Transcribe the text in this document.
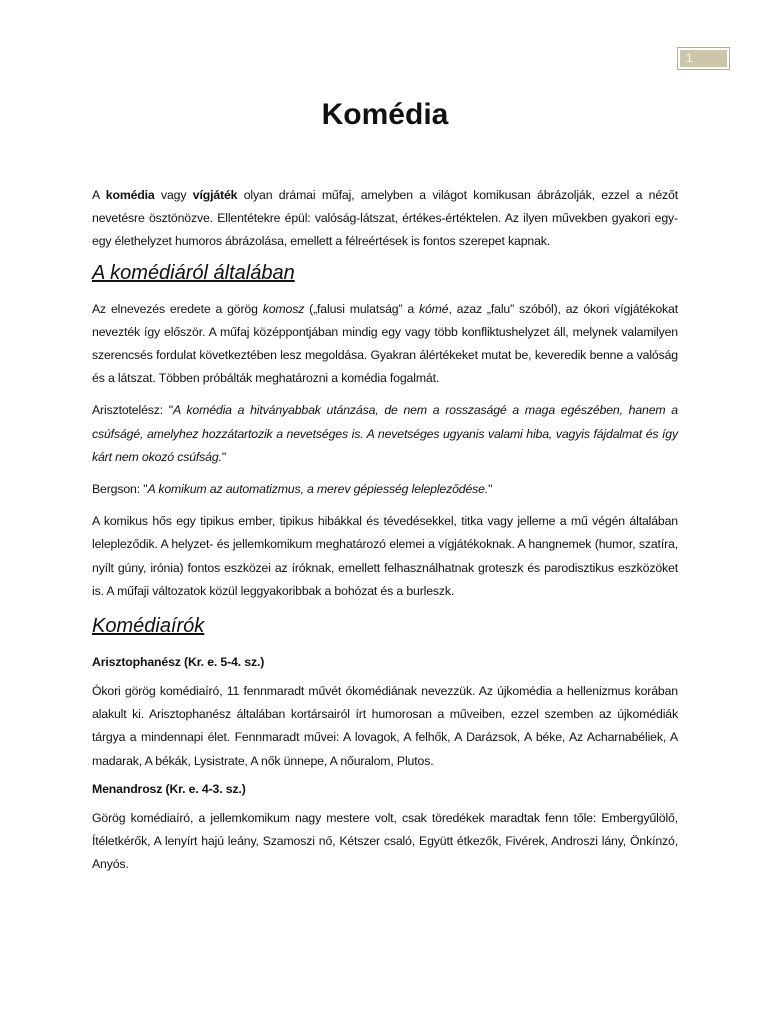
1
Komédia

A komédia vagy vígjáték olyan drámai műfaj, amelyben a világot komikusan ábrázolják, ezzel a nézőt nevetésre ösztönözve. Ellentétekre épül: valóság-látszat, értékes-értéktelen. Az ilyen művekben gyakori egy-egy élethelyzet humoros ábrázolása, emellett a félreértések is fontos szerepet kapnak.

A komédiáról általában

Az elnevezés eredete a görög komosz („falusi mulatság” a kómé, azaz „falu” szóból), az ókori vígjátékokat nevezték így először. A műfaj középpontjában mindig egy vagy több konfliktushelyzet áll, melynek valamilyen szerencsés fordulat következtében lesz megoldása. Gyakran álértékeket mutat be, keveredik benne a valóság és a látszat. Többen próbálták meghatározni a komédia fogalmát.

Arisztotelész: "A komédia a hitványabbak utánzása, de nem a rosszaságé a maga egészében, hanem a csúfságé, amelyhez hozzátartozik a nevetséges is. A nevetséges ugyanis valami hiba, vagyis fájdalmat és így kárt nem okozó csúfság."

Bergson: "A komikum az automatizmus, a merev gépiesség lelepleződése."

A komikus hős egy tipikus ember, tipikus hibákkal és tévedésekkel, titka vagy jelleme a mű végén általában lelepleződik. A helyzet- és jellemkomikum meghatározó elemei a vígjátékoknak. A hangnemek (humor, szatíra, nyílt gúny, irónia) fontos eszközei az íróknak, emellett felhasználhatnak groteszk és parodisztikus eszközöket is. A műfaji változatok közül leggyakoribbak a bohózat és a burleszk.

Komédiaírók
Arisztophanész (Kr. e. 5-4. sz.)

Ókori görög komédiaíró, 11 fennmaradt művét ókomédiának nevezzük. Az újkomédia a hellenizmus korában alakult ki. Arisztophanész általában kortársairól írt humorosan a műveiben, ezzel szemben az újkomédiák tárgya a mindennapi élet. Fennmaradt művei: A lovagok, A felhők, A Darázsok, A béke, Az Acharnabéliek, A madarak, A békák, Lysistrate, A nők ünnepe, A nőuralom, Plutos.

Menandrosz (Kr. e. 4-3. sz.)

Görög komédiaíró, a jellemkomikum nagy mestere volt, csak töredékek maradtak fenn tőle: Embergyűlölő, Ítéletkérők, A lenyírt hajú leány, Szamoszi nő, Kétszer csaló, Együtt étkezők, Fivérek, Androszi lány, Önkínzó, Anyós.
